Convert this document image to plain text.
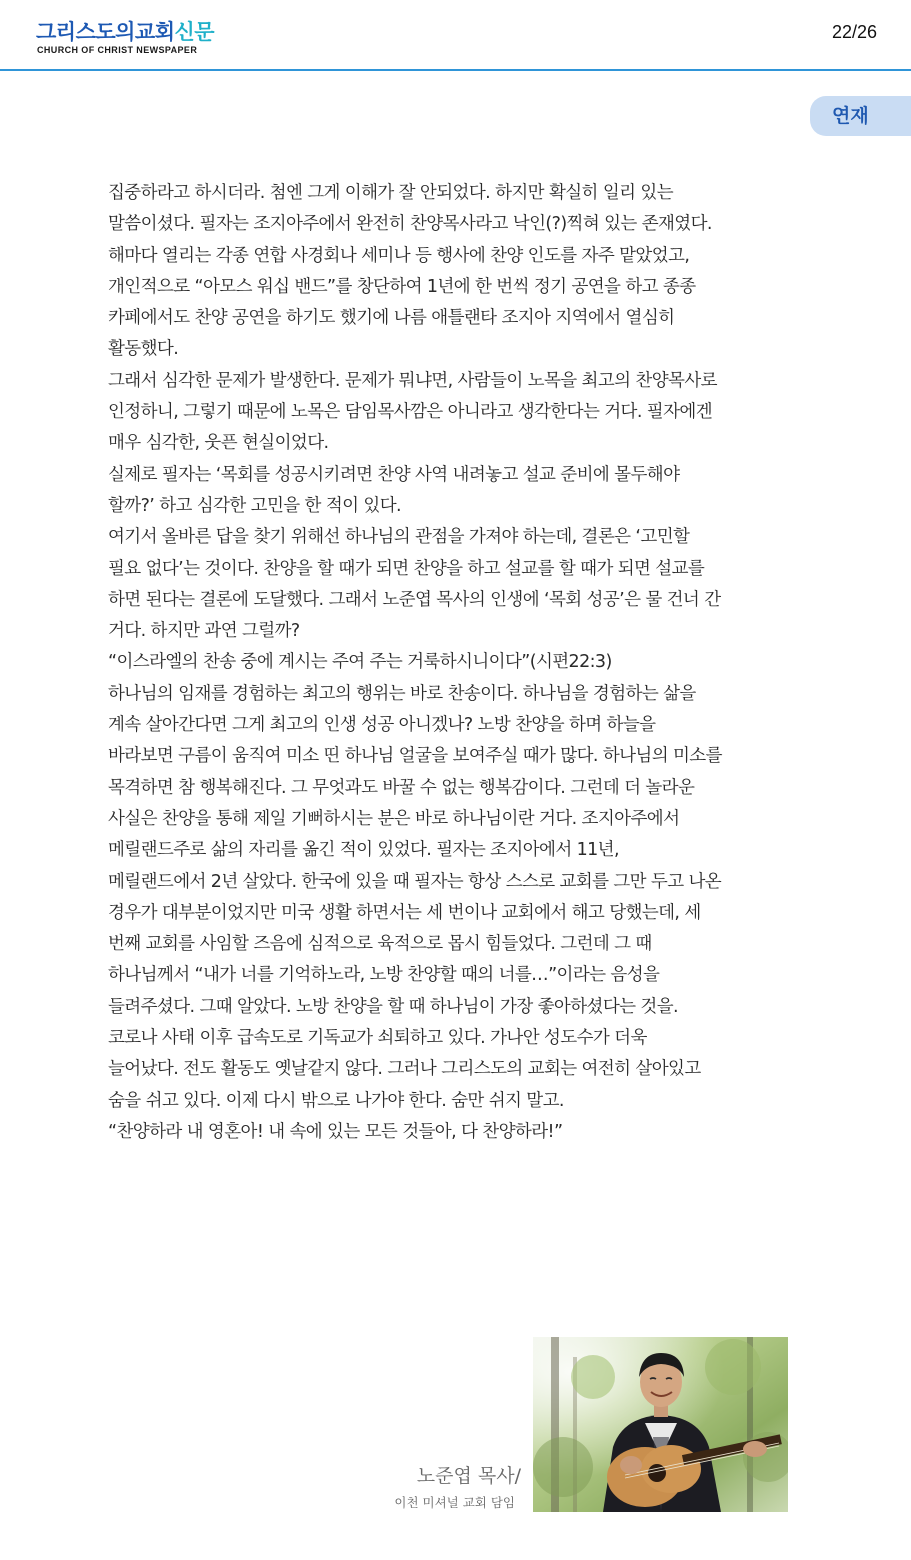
그리스도의교회신문
CHURCH OF CHRIST NEWSPAPER
22/26
연재
집중하라고 하시더라. 첨엔 그게 이해가 잘 안되었다. 하지만 확실히 일리 있는
말씀이셨다. 필자는 조지아주에서 완전히 찬양목사라고 낙인(?)찍혀 있는 존재였다.
해마다 열리는 각종 연합 사경회나 세미나 등 행사에 찬양 인도를 자주 맡았었고,
개인적으로 “아모스 워십 밴드”를 창단하여 1년에 한 번씩 정기 공연을 하고 종종
카페에서도 찬양 공연을 하기도 했기에 나름 애틀랜타 조지아 지역에서 열심히
활동했다.
그래서 심각한 문제가 발생한다. 문제가 뭐냐면, 사람들이 노목을 최고의 찬양목사로
인정하니, 그렇기 때문에 노목은 담임목사깜은 아니라고 생각한다는 거다. 필자에겐
매우 심각한, 웃픈 현실이었다.
실제로 필자는 ‘목회를 성공시키려면 찬양 사역 내려놓고 설교 준비에 몰두해야
할까?’ 하고 심각한 고민을 한 적이 있다.
여기서 올바른 답을 찾기 위해선 하나님의 관점을 가져야 하는데, 결론은 ‘고민할
필요 없다’는 것이다. 찬양을 할 때가 되면 찬양을 하고 설교를 할 때가 되면 설교를
하면 된다는 결론에 도달했다. 그래서 노준엽 목사의 인생에 ‘목회 성공’은 물 건너 간
거다. 하지만 과연 그럴까?
“이스라엘의 찬송 중에 계시는 주여 주는 거룩하시니이다”(시편22:3)
하나님의 임재를 경험하는 최고의 행위는 바로 찬송이다. 하나님을 경험하는 삶을
계속 살아간다면 그게 최고의 인생 성공 아니겠나? 노방 찬양을 하며 하늘을
바라보면 구름이 움직여 미소 띤 하나님 얼굴을 보여주실 때가 많다. 하나님의 미소를
목격하면 참 행복해진다. 그 무엇과도 바꿀 수 없는 행복감이다. 그런데 더 놀라운
사실은 찬양을 통해 제일 기뻐하시는 분은 바로 하나님이란 거다. 조지아주에서
메릴랜드주로 삶의 자리를 옮긴 적이 있었다. 필자는 조지아에서 11년,
메릴랜드에서 2년 살았다. 한국에 있을 때 필자는 항상 스스로 교회를 그만 두고 나온
경우가 대부분이었지만 미국 생활 하면서는 세 번이나 교회에서 해고 당했는데, 세
번째 교회를 사임할 즈음에 심적으로 육적으로 몹시 힘들었다. 그런데 그 때
하나님께서 “내가 너를 기억하노라, 노방 찬양할 때의 너를…”이라는 음성을
들려주셨다. 그때 알았다. 노방 찬양을 할 때 하나님이 가장 좋아하셨다는 것을.
코로나 사태 이후 급속도로 기독교가 쇠퇴하고 있다. 가나안 성도수가 더욱
늘어났다. 전도 활동도 옛날같지 않다. 그러나 그리스도의 교회는 여전히 살아있고
숨을 쉬고 있다. 이제 다시 밖으로 나가야 한다. 숨만 쉬지 말고.
“찬양하라 내 영혼아! 내 속에 있는 모든 것들아, 다 찬양하라!”
노준엽 목사/
이천 미셔널 교회 담임
